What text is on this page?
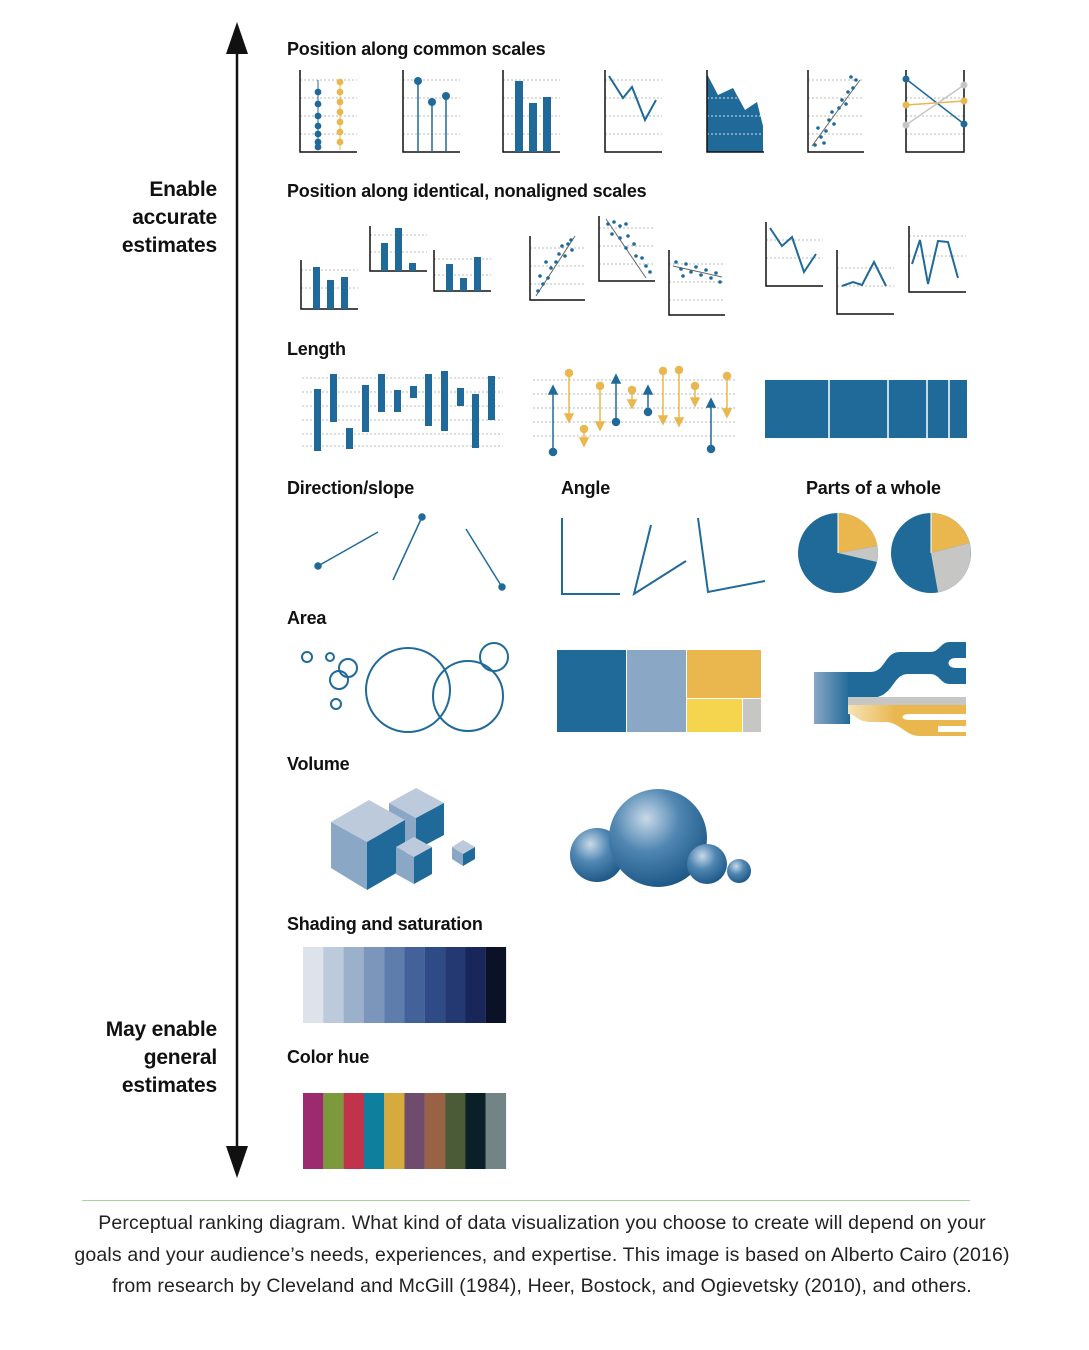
Enable
accurate
estimates
May enable
general
estimates
Position along common scales
Position along identical, nonaligned scales
Length
Direction/slope	Angle	Parts of a whole
Area
Volume
Shading and saturation
Color hue
Perceptual ranking diagram. What kind of data visualization you choose to create will depend on your goals and your audience’s needs, experiences, and expertise. This image is based on Alberto Cairo (2016) from research by Cleveland and McGill (1984), Heer, Bostock, and Ogievetsky (2010), and others.
